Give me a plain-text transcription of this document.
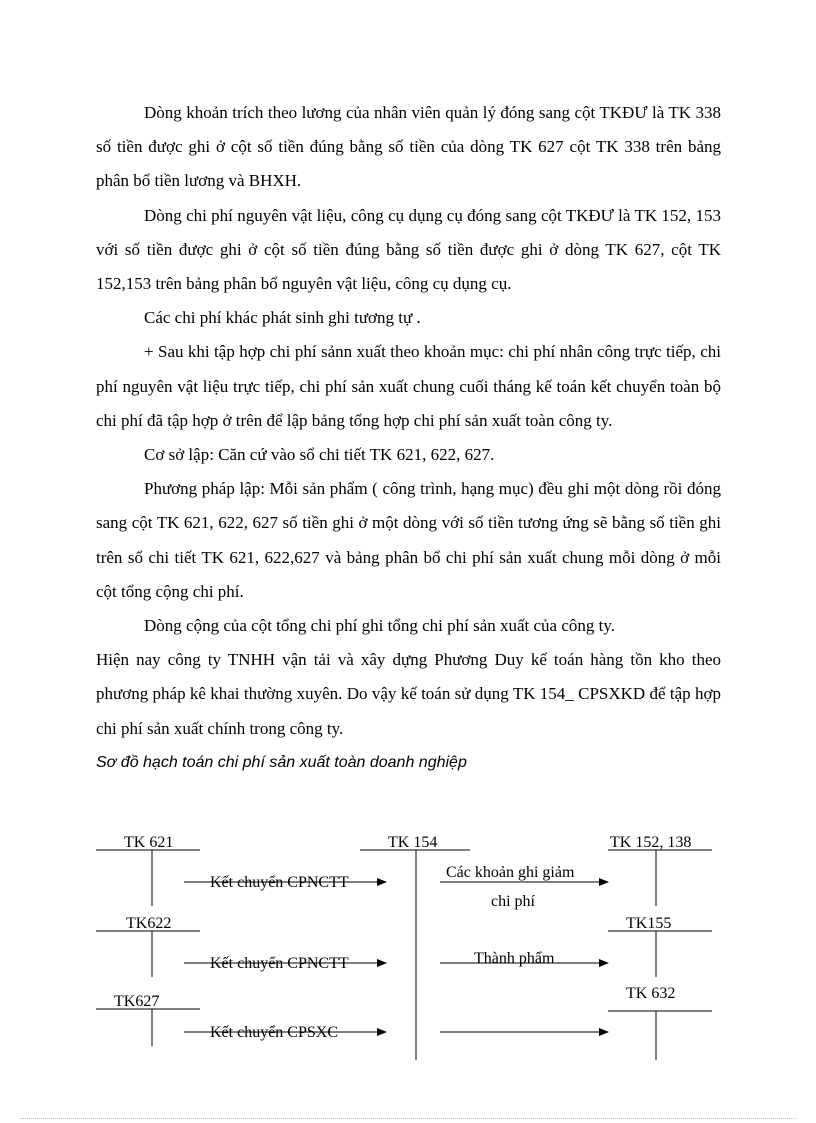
Dòng khoản trích theo lương của nhân viên quản lý đóng sang cột TKĐƯ là TK 338 số tiền được ghi ở cột số tiền đúng bằng số tiền của dòng TK 627 cột TK 338 trên bảng phân bổ tiền lương và BHXH.

Dòng chi phí nguyên vật liệu, công cụ dụng cụ đóng sang cột TKĐƯ là TK 152, 153 với số tiền được ghi ở cột số tiền đúng bằng số tiền được ghi ở dòng TK 627, cột TK 152,153 trên bảng phân bổ nguyên vật liệu, công cụ dụng cụ.

Các chi phí khác phát sinh ghi tương tự .

+ Sau khi tập hợp chi phí sảnn xuất theo khoản mục: chi phí nhân công trực tiếp, chi phí nguyên vật liệu trực tiếp, chi phí sản xuất chung cuối tháng kế toán kết chuyển toàn bộ chi phí đã tập hợp ở trên để lập bảng tổng hợp chi phí sản xuất toàn công ty.

Cơ sở lập: Căn cứ vào sổ chi tiết TK 621, 622, 627.

Phương pháp lập: Mỗi sản phẩm ( công trình, hạng mục) đều ghi một dòng rồi đóng sang cột TK 621, 622, 627 số tiền ghi ở một dòng với số tiền tương ứng sẽ bằng số tiền ghi trên sổ chi tiết TK 621, 622,627 và bảng phân bổ chi phí sản xuất chung mỗi dòng ở mỗi cột tổng cộng chi phí.

Dòng cộng của cột tổng chi phí ghi tổng chi phí sản xuất của công ty.

Hiện nay công ty TNHH vận tải và xây dựng Phương Duy kế toán hàng tồn kho theo phương pháp kê khai thường xuyên. Do vậy kế toán sử dụng TK 154_ CPSXKD để tập hợp chi phí sản xuất chính trong công ty.

Sơ đồ hạch toán chi phí sản xuất toàn doanh nghiệp

TK 621
TK622
TK627
TK 154	TK 152, 138
TK155
TK 632
Kết chuyển CPNCTT
Kết chuyển CPNCTT
Kết chuyển CPSXC
Các khoản ghi giảm
chi phí
Thành phẩm
